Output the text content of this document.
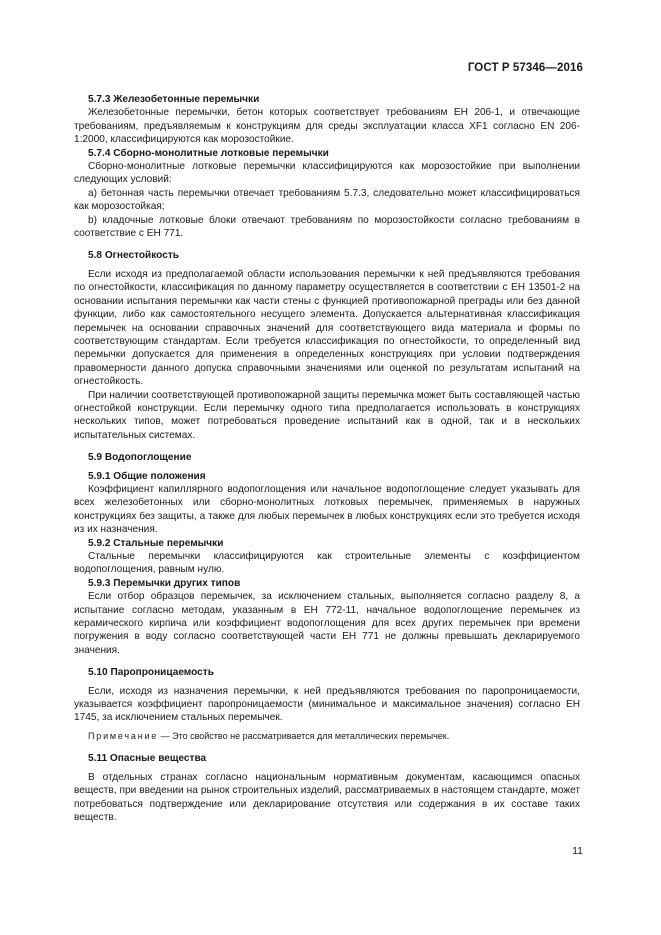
ГОСТ Р 57346—2016

5.7.3 Железобетонные перемычки

Железобетонные перемычки, бетон которых соответствует требованиям ЕН 206-1, и отвечающие требованиям, предъявляемым к конструкциям для среды эксплуатации класса XF1 согласно EN 206-1:2000, классифицируются как морозостойкие.

5.7.4 Сборно-монолитные лотковые перемычки

Сборно-монолитные лотковые перемычки классифицируются как морозостойкие при выполнении следующих условий:

а) бетонная часть перемычки отвечает требованиям 5.7.3, следовательно может классифицироваться как морозостойкая;

b) кладочные лотковые блоки отвечают требованиям по морозостойкости согласно требованиям в соответствие с ЕН 771.

5.8 Огнестойкость

Если исходя из предполагаемой области использования перемычки к ней предъявляются требования по огнестойкости, классификация по данному параметру осуществляется в соответствии с ЕН 13501-2 на основании испытания перемычки как части стены с функцией противопожарной преграды или без данной функции, либо как самостоятельного несущего элемента. Допускается альтернативная классификация перемычек на основании справочных значений для соответствующего вида материала и формы по соответствующим стандартам. Если требуется классификация по огнестойкости, то определенный вид перемычки допускается для применения в определенных конструкциях при условии подтверждения правомерности данного допуска справочными значениями или оценкой по результатам испытаний на огнестойкость.

При наличии соответствующей противопожарной защиты перемычка может быть составляющей частью огнестойкой конструкции. Если перемычку одного типа предполагается использовать в конструкциях нескольких типов, может потребоваться проведение испытаний как в одной, так и в нескольких испытательных системах.

5.9 Водопоглощение

5.9.1 Общие положения

Коэффициент капиллярного водопоглощения или начальное водопоглощение следует указывать для всех железобетонных или сборно-монолитных лотковых перемычек, применяемых в наружных конструкциях без защиты, а также для любых перемычек в любых конструкциях если это требуется исходя из их назначения.

5.9.2 Стальные перемычки

Стальные перемычки классифицируются как строительные элементы с коэффициентом водопоглощения, равным нулю.

5.9.3 Перемычки других типов

Если отбор образцов перемычек, за исключением стальных, выполняется согласно разделу 8, а испытание согласно методам, указанным в ЕН 772-11, начальное водопоглощение перемычек из керамического кирпича или коэффициент водопоглощения для всех других перемычек при времени погружения в воду согласно соответствующей части ЕН 771 не должны превышать декларируемого значения.

5.10 Паропроницаемость

Если, исходя из назначения перемычки, к ней предъявляются требования по паропроницаемости, указывается коэффициент паропроницаемости (минимальное и максимальное значения) согласно ЕН 1745, за исключением стальных перемычек.

Примечание — Это свойство не рассматривается для металлических перемычек.

5.11 Опасные вещества

В отдельных странах согласно национальным нормативным документам, касающимся опасных веществ, при введении на рынок строительных изделий, рассматриваемых в настоящем стандарте, может потребоваться подтверждение или декларирование отсутствия или содержания в их составе таких веществ.

11
